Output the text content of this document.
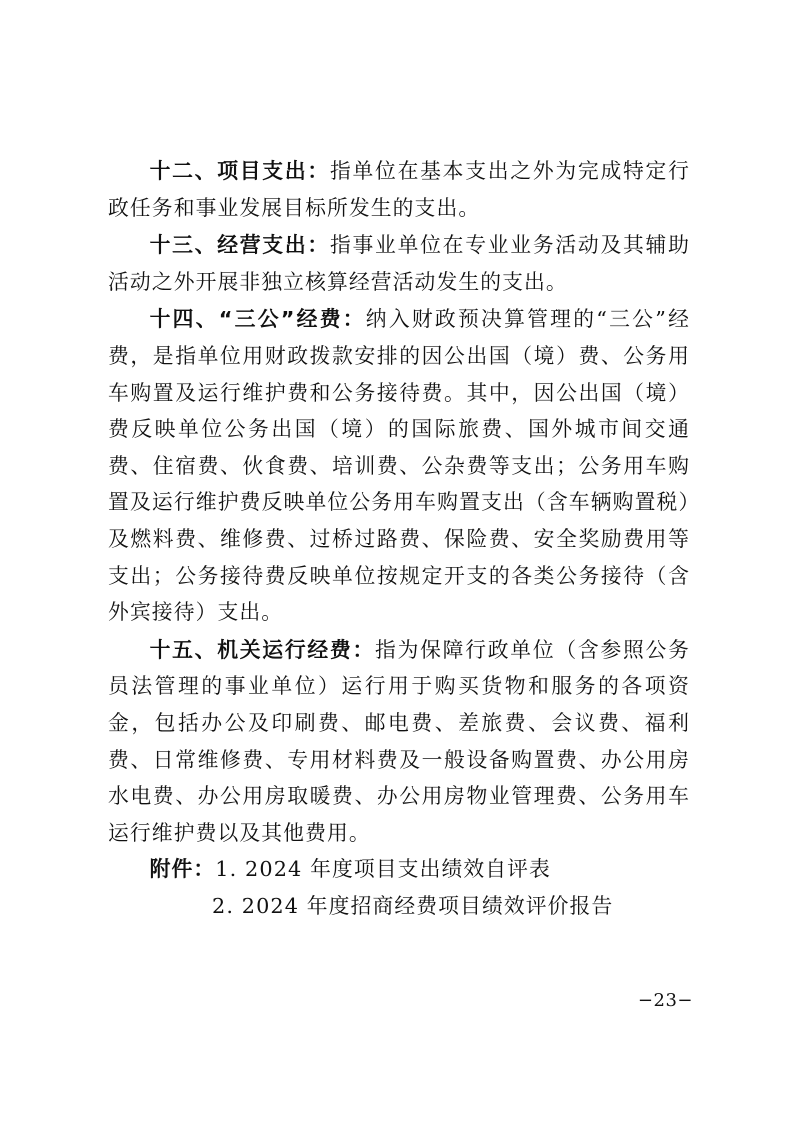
十二、项目支出：指单位在基本支出之外为完成特定行政任务和事业发展目标所发生的支出。

十三、经营支出：指事业单位在专业业务活动及其辅助活动之外开展非独立核算经营活动发生的支出。

十四、“三公”经费：纳入财政预决算管理的“三公”经费，是指单位用财政拨款安排的因公出国（境）费、公务用车购置及运行维护费和公务接待费。其中，因公出国（境）费反映单位公务出国（境）的国际旅费、国外城市间交通费、住宿费、伙食费、培训费、公杂费等支出；公务用车购置及运行维护费反映单位公务用车购置支出（含车辆购置税）及燃料费、维修费、过桥过路费、保险费、安全奖励费用等支出；公务接待费反映单位按规定开支的各类公务接待（含外宾接待）支出。

十五、机关运行经费：指为保障行政单位（含参照公务员法管理的事业单位）运行用于购买货物和服务的各项资金，包括办公及印刷费、邮电费、差旅费、会议费、福利费、日常维修费、专用材料费及一般设备购置费、办公用房水电费、办公用房取暖费、办公用房物业管理费、公务用车运行维护费以及其他费用。

附件：1. 2024 年度项目支出绩效自评表

2. 2024 年度招商经费项目绩效评价报告

−23−
